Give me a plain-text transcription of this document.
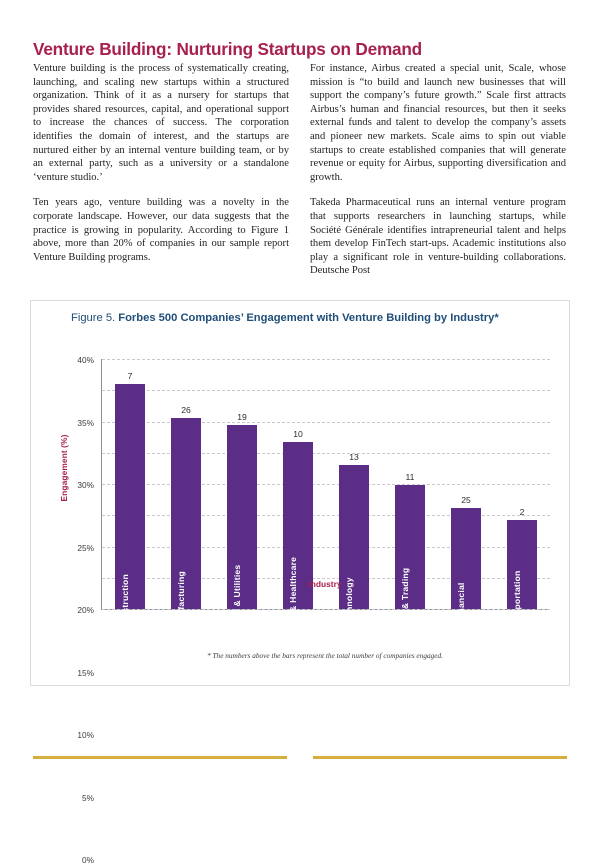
Venture Building: Nurturing Startups on Demand

Venture building is the process of systematically creating, launching, and scaling new startups within a structured organization. Think of it as a nursery for startups that provides shared resources, capital, and operational support to increase the chances of success. The corporation identifies the domain of interest, and the startups are nurtured either by an internal venture building team, or by an external party, such as a university or a standalone ‘venture studio.’

Ten years ago, venture building was a novelty in the corporate landscape. However, our data suggests that the practice is growing in popularity. According to Figure 1 above, more than 20% of companies in our sample report Venture Building programs.

For instance, Airbus created a special unit, Scale, whose mission is “to build and launch new businesses that will support the company’s future growth.” Scale first attracts Airbus’s human and financial resources, but then it seeks external funds and talent to develop the company’s assets and pioneer new markets. Scale aims to spin out viable startups to create established companies that will generate revenue or equity for Airbus, supporting diversification and growth.

Takeda Pharmaceutical runs an internal venture program that supports researchers in launching startups, while Société Générale identifies intrapreneurial talent and helps them develop FinTech start-ups. Academic institutions also play a significant role in venture-building collaborations. Deutsche Post

Figure 5. Forbes 500 Companies’ Engagement with Venture Building by Industry*
Engagement (%)
40%
35%
30%
25%
20%
15%
10%
5%
0%
7
Construction
26
Manufacturing
19
Energy & Utilities
10
Pharma & Healthcare
13
Technology
11
Retail & Trading
25
Financial
2
Transportation
Industry
* The numbers above the bars represent the total number of companies engaged.
